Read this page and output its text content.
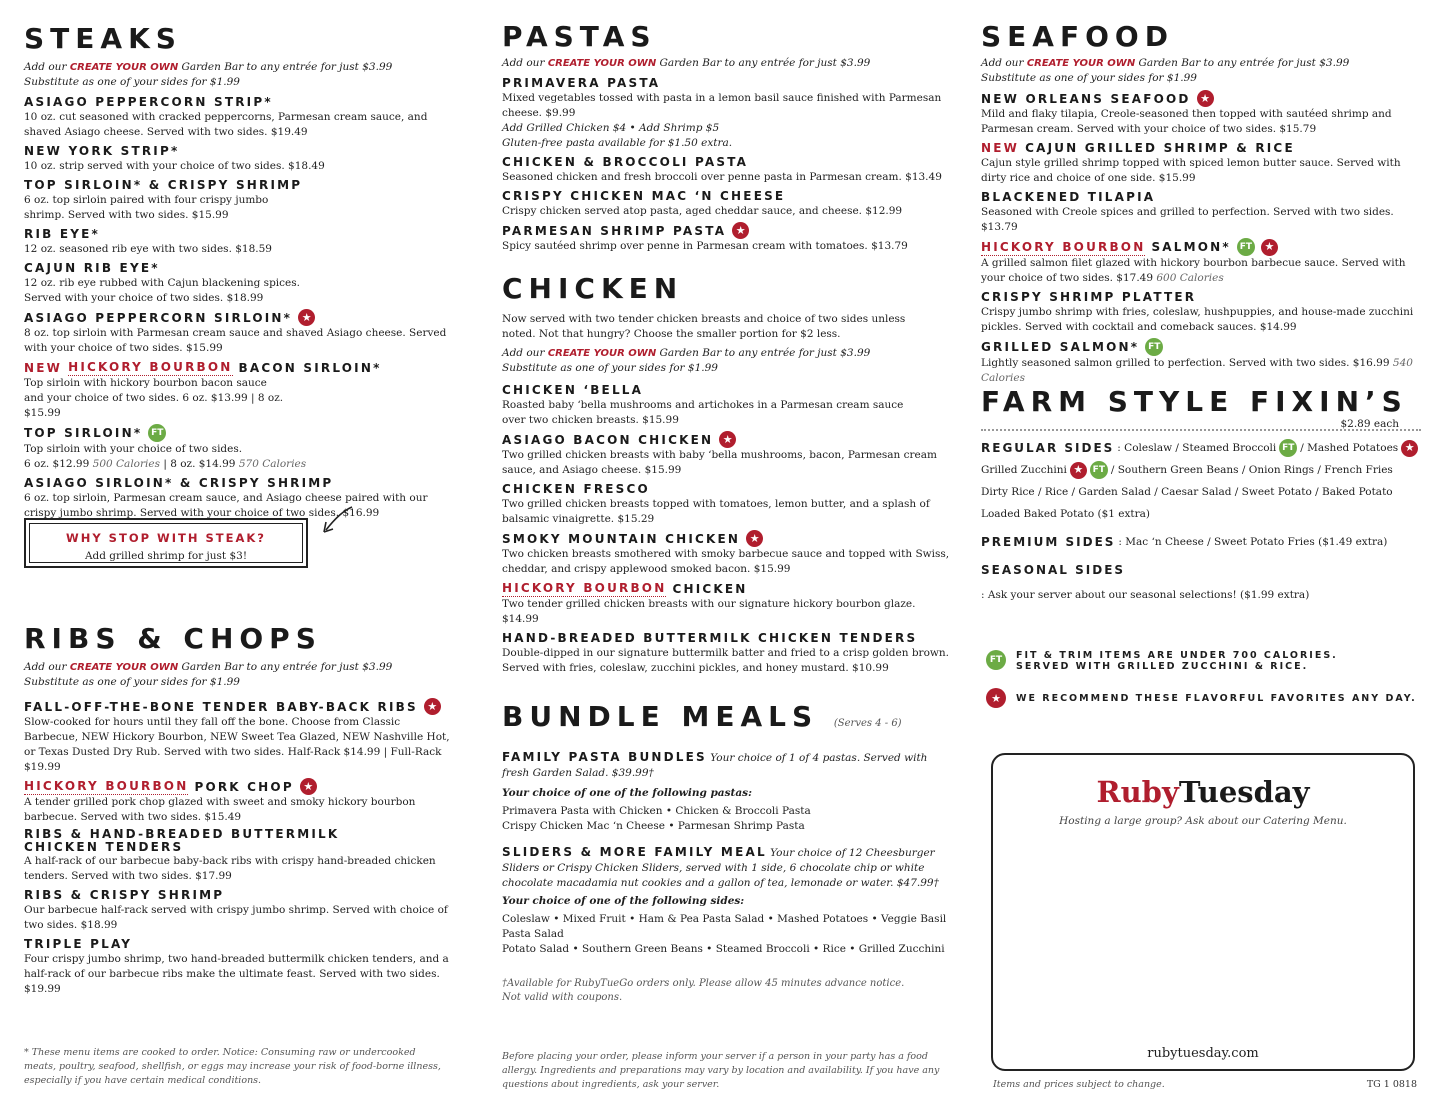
STEAKS
Add our CREATE YOUR OWN Garden Bar to any entrée for just $3.99
Substitute as one of your sides for $1.99
ASIAGO PEPPERCORN STRIP*
10 oz. cut seasoned with cracked peppercorns, Parmesan cream sauce, and shaved Asiago cheese. Served with two sides. $19.49
NEW YORK STRIP*
10 oz. strip served with your choice of two sides. $18.49
TOP SIRLOIN* & CRISPY SHRIMP
6 oz. top sirloin paired with four crispy jumbo shrimp. Served with two sides. $15.99
RIB EYE*
12 oz. seasoned rib eye with two sides. $18.59
CAJUN RIB EYE*
12 oz. rib eye rubbed with Cajun blackening spices. Served with your choice of two sides. $18.99
ASIAGO PEPPERCORN SIRLOIN* ★
8 oz. top sirloin with Parmesan cream sauce and shaved Asiago cheese. Served with your choice of two sides. $15.99
NEW HICKORY BOURBON BACON SIRLOIN*
Top sirloin with hickory bourbon bacon sauce and your choice of two sides. 6 oz. $13.99 | 8 oz. $15.99
TOP SIRLOIN* FT
Top sirloin with your choice of two sides.
6 oz. $12.99 500 Calories | 8 oz. $14.99 570 Calories
ASIAGO SIRLOIN* & CRISPY SHRIMP
6 oz. top sirloin, Parmesan cream sauce, and Asiago cheese paired with our crispy jumbo shrimp. Served with your choice of two sides. $16.99
WHY STOP WITH STEAK?
Add grilled shrimp for just $3!
RIBS & CHOPS
Add our CREATE YOUR OWN Garden Bar to any entrée for just $3.99
Substitute as one of your sides for $1.99
FALL-OFF-THE-BONE TENDER BABY-BACK RIBS ★
Slow-cooked for hours until they fall off the bone. Choose from Classic Barbecue, NEW Hickory Bourbon, NEW Sweet Tea Glazed, NEW Nashville Hot, or Texas Dusted Dry Rub. Served with two sides. Half-Rack $14.99 | Full-Rack $19.99
HICKORY BOURBON PORK CHOP ★
A tender grilled pork chop glazed with sweet and smoky hickory bourbon barbecue. Served with two sides. $15.49
RIBS & HAND-BREADED BUTTERMILK CHICKEN TENDERS
A half-rack of our barbecue baby-back ribs with crispy hand-breaded chicken tenders. Served with two sides. $17.99
RIBS & CRISPY SHRIMP
Our barbecue half-rack served with crispy jumbo shrimp. Served with choice of two sides. $18.99
TRIPLE PLAY
Four crispy jumbo shrimp, two hand-breaded buttermilk chicken tenders, and a half-rack of our barbecue ribs make the ultimate feast. Served with two sides. $19.99
* These menu items are cooked to order. Notice: Consuming raw or undercooked meats, poultry, seafood, shellfish, or eggs may increase your risk of food-borne illness, especially if you have certain medical conditions.
PASTAS
Add our CREATE YOUR OWN Garden Bar to any entrée for just $3.99
PRIMAVERA PASTA
Mixed vegetables tossed with pasta in a lemon basil sauce finished with Parmesan cheese. $9.99
Add Grilled Chicken $4 • Add Shrimp $5
Gluten-free pasta available for $1.50 extra.
CHICKEN & BROCCOLI PASTA
Seasoned chicken and fresh broccoli over penne pasta in Parmesan cream. $13.49
CRISPY CHICKEN MAC ‘N CHEESE
Crispy chicken served atop pasta, aged cheddar sauce, and cheese. $12.99
PARMESAN SHRIMP PASTA ★
Spicy sautéed shrimp over penne in Parmesan cream with tomatoes. $13.79
CHICKEN
Now served with two tender chicken breasts and choice of two sides unless noted. Not that hungry? Choose the smaller portion for $2 less.
Add our CREATE YOUR OWN Garden Bar to any entrée for just $3.99
Substitute as one of your sides for $1.99
CHICKEN ‘BELLA
Roasted baby ‘bella mushrooms and artichokes in a Parmesan cream sauce over two chicken breasts. $15.99
ASIAGO BACON CHICKEN ★
Two grilled chicken breasts with baby ‘bella mushrooms, bacon, Parmesan cream sauce, and Asiago cheese. $15.99
CHICKEN FRESCO
Two grilled chicken breasts topped with tomatoes, lemon butter, and a splash of balsamic vinaigrette. $15.29
SMOKY MOUNTAIN CHICKEN ★
Two chicken breasts smothered with smoky barbecue sauce and topped with Swiss, cheddar, and crispy applewood smoked bacon. $15.99
HICKORY BOURBON CHICKEN
Two tender grilled chicken breasts with our signature hickory bourbon glaze. $14.99
HAND-BREADED BUTTERMILK CHICKEN TENDERS
Double-dipped in our signature buttermilk batter and fried to a crisp golden brown. Served with fries, coleslaw, zucchini pickles, and honey mustard. $10.99
BUNDLE MEALS (Serves 4 - 6)
FAMILY PASTA BUNDLES Your choice of 1 of 4 pastas. Served with fresh Garden Salad. $39.99†
Your choice of one of the following pastas:
Primavera Pasta with Chicken • Chicken & Broccoli Pasta
Crispy Chicken Mac ‘n Cheese • Parmesan Shrimp Pasta
SLIDERS & MORE FAMILY MEAL Your choice of 12 Cheesburger Sliders or Crispy Chicken Sliders, served with 1 side, 6 chocolate chip or white chocolate macadamia nut cookies and a gallon of tea, lemonade or water. $47.99†
Your choice of one of the following sides:
Coleslaw • Mixed Fruit • Ham & Pea Pasta Salad • Mashed Potatoes • Veggie Basil Pasta Salad
Potato Salad • Southern Green Beans • Steamed Broccoli • Rice • Grilled Zucchini
†Available for RubyTueGo orders only. Please allow 45 minutes advance notice.
Not valid with coupons.
Before placing your order, please inform your server if a person in your party has a food allergy. Ingredients and preparations may vary by location and availability. If you have any questions about ingredients, ask your server.
SEAFOOD
Add our CREATE YOUR OWN Garden Bar to any entrée for just $3.99
Substitute as one of your sides for $1.99
NEW ORLEANS SEAFOOD ★
Mild and flaky tilapia, Creole-seasoned then topped with sautéed shrimp and Parmesan cream. Served with your choice of two sides. $15.79
NEW CAJUN GRILLED SHRIMP & RICE
Cajun style grilled shrimp topped with spiced lemon butter sauce. Served with dirty rice and choice of one side. $15.99
BLACKENED TILAPIA
Seasoned with Creole spices and grilled to perfection. Served with two sides. $13.79
HICKORY BOURBON SALMON* FT	★
A grilled salmon filet glazed with hickory bourbon barbecue sauce. Served with your choice of two sides. $17.49 600 Calories
CRISPY SHRIMP PLATTER
Crispy jumbo shrimp with fries, coleslaw, hushpuppies, and house-made zucchini pickles. Served with cocktail and comeback sauces. $14.99
GRILLED SALMON* FT
Lightly seasoned salmon grilled to perfection. Served with two sides. $16.99 540 Calories
FARM STYLE FIXIN’S
$2.89 each
REGULAR SIDES : Coleslaw / Steamed Broccoli FT / Mashed Potatoes ★
Grilled Zucchini ★	FT / Southern Green Beans / Onion Rings / French Fries
Dirty Rice / Rice / Garden Salad / Caesar Salad / Sweet Potato / Baked Potato
Loaded Baked Potato ($1 extra)
PREMIUM SIDES : Mac ‘n Cheese / Sweet Potato Fries ($1.49 extra)
SEASONAL SIDES
: Ask your server about our seasonal selections! ($1.99 extra)
FT	FIT & TRIM ITEMS ARE UNDER 700 CALORIES.
SERVED WITH GRILLED ZUCCHINI & RICE.
★	WE RECOMMEND THESE FLAVORFUL FAVORITES ANY DAY.
RubyTuesday
Hosting a large group? Ask about our Catering Menu.
rubytuesday.com
Items and prices subject to change.	TG 1 0818
